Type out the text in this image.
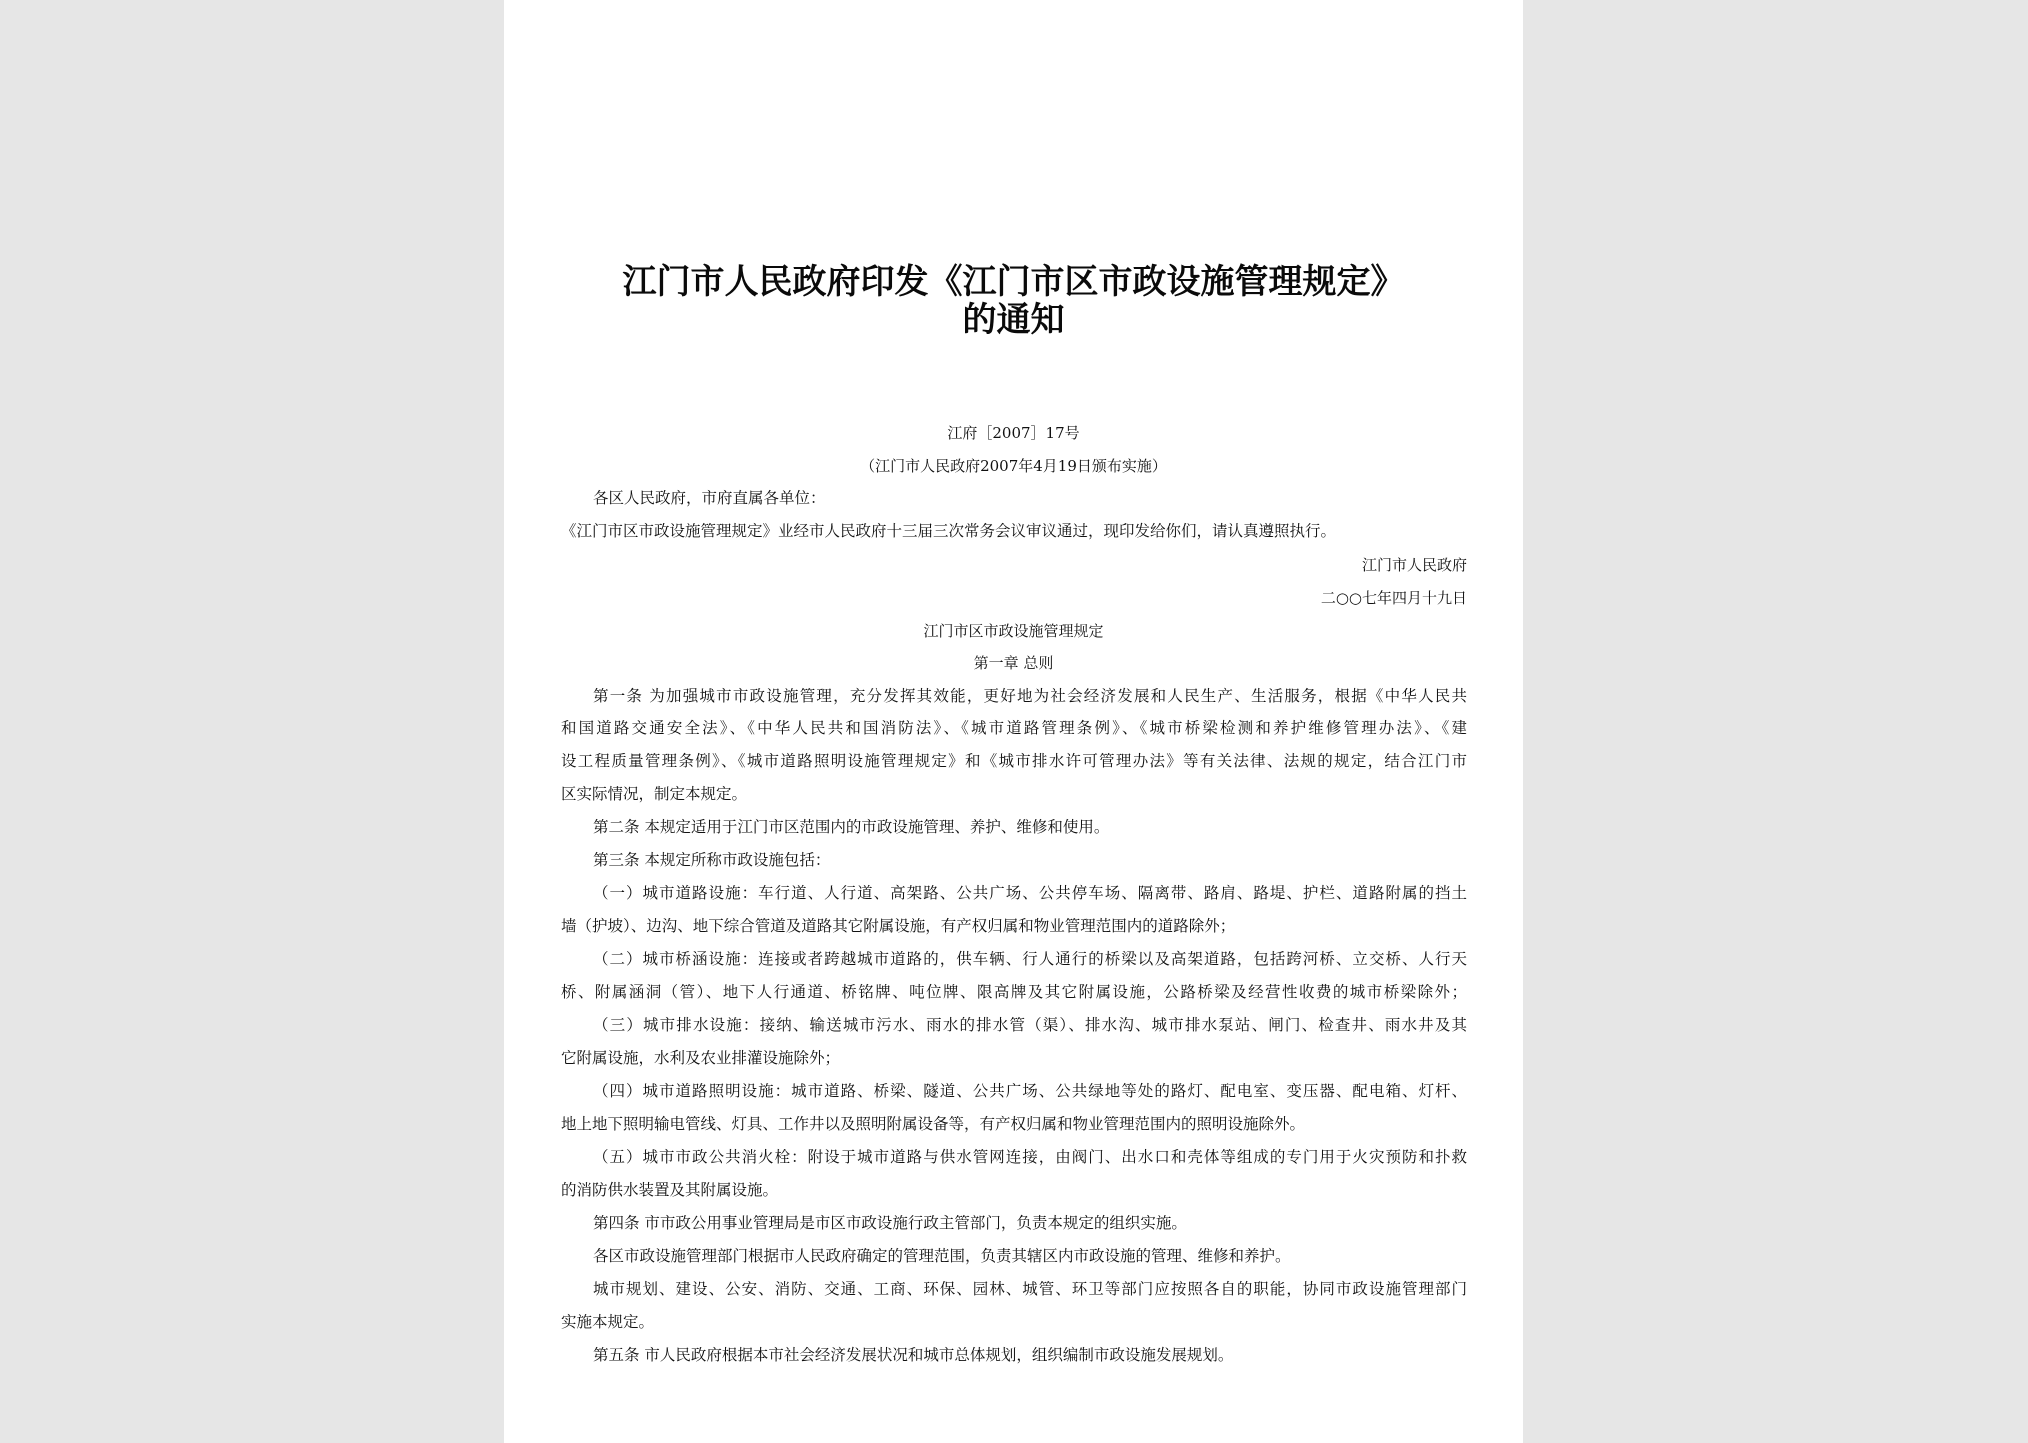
江门市人民政府印发《江门市区市政设施管理规定》
的通知
江府［2007］17号
（江门市人民政府2007年4月19日颁布实施）
各区人民政府，市府直属各单位：
《江门市区市政设施管理规定》业经市人民政府十三届三次常务会议审议通过，现印发给你们，请认真遵照执行。
江门市人民政府
二○○七年四月十九日
江门市区市政设施管理规定
第一章 总则
第一条 为加强城市市政设施管理，充分发挥其效能，更好地为社会经济发展和人民生产、生活服务，根据《中华人民共
和国道路交通安全法》、《中华人民共和国消防法》、《城市道路管理条例》、《城市桥梁检测和养护维修管理办法》、《建
设工程质量管理条例》、《城市道路照明设施管理规定》和《城市排水许可管理办法》等有关法律、法规的规定，结合江门市
区实际情况，制定本规定。
第二条 本规定适用于江门市区范围内的市政设施管理、养护、维修和使用。
第三条 本规定所称市政设施包括：
（一）城市道路设施：车行道、人行道、高架路、公共广场、公共停车场、隔离带、路肩、路堤、护栏、道路附属的挡土
墙（护坡）、边沟、地下综合管道及道路其它附属设施，有产权归属和物业管理范围内的道路除外；
（二）城市桥涵设施：连接或者跨越城市道路的，供车辆、行人通行的桥梁以及高架道路，包括跨河桥、立交桥、人行天
桥、附属涵洞（管）、地下人行通道、桥铭牌、吨位牌、限高牌及其它附属设施，公路桥梁及经营性收费的城市桥梁除外；
（三）城市排水设施：接纳、输送城市污水、雨水的排水管（渠）、排水沟、城市排水泵站、闸门、检查井、雨水井及其
它附属设施，水利及农业排灌设施除外；
（四）城市道路照明设施：城市道路、桥梁、隧道、公共广场、公共绿地等处的路灯、配电室、变压器、配电箱、灯杆、
地上地下照明输电管线、灯具、工作井以及照明附属设备等，有产权归属和物业管理范围内的照明设施除外。
（五）城市市政公共消火栓：附设于城市道路与供水管网连接，由阀门、出水口和壳体等组成的专门用于火灾预防和扑救
的消防供水装置及其附属设施。
第四条 市市政公用事业管理局是市区市政设施行政主管部门，负责本规定的组织实施。
各区市政设施管理部门根据市人民政府确定的管理范围，负责其辖区内市政设施的管理、维修和养护。
城市规划、建设、公安、消防、交通、工商、环保、园林、城管、环卫等部门应按照各自的职能，协同市政设施管理部门
实施本规定。
第五条 市人民政府根据本市社会经济发展状况和城市总体规划，组织编制市政设施发展规划。
